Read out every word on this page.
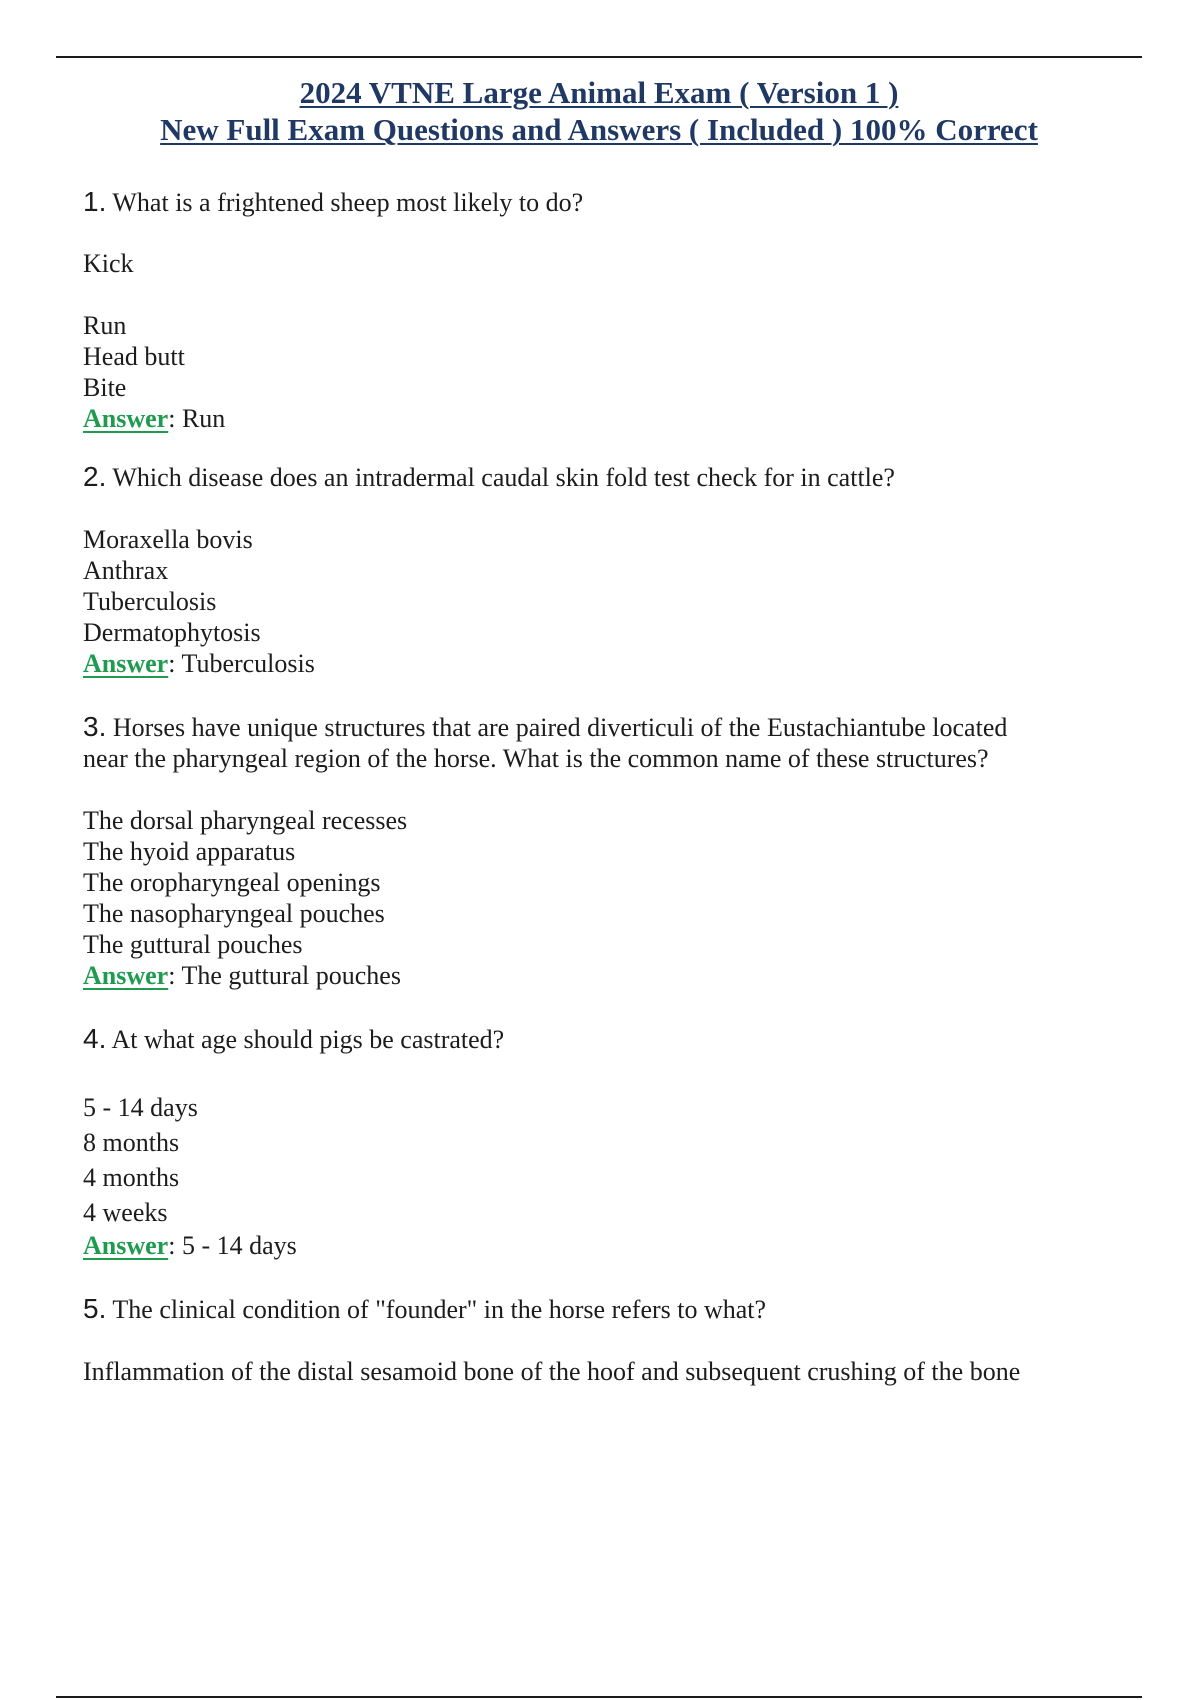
2024 VTNE Large Animal Exam ( Version 1 )
New Full Exam Questions and Answers ( Included ) 100% Correct

1. What is a frightened sheep most likely to do?

Kick
Run
Head butt
Bite
Answer: Run

2. Which disease does an intradermal caudal skin fold test check for in cattle?

Moraxella bovis
Anthrax
Tuberculosis
Dermatophytosis
Answer: Tuberculosis

3. Horses have unique structures that are paired diverticuli of the Eustachiantube located near the pharyngeal region of the horse. What is the common name of these structures?

The dorsal pharyngeal recesses
The hyoid apparatus
The oropharyngeal openings
The nasopharyngeal pouches
The guttural pouches
Answer: The guttural pouches

4. At what age should pigs be castrated?

5 - 14 days
8 months
4 months
4 weeks
Answer: 5 - 14 days

5. The clinical condition of "founder" in the horse refers to what?

Inflammation of the distal sesamoid bone of the hoof and subsequent crushing of the bone
